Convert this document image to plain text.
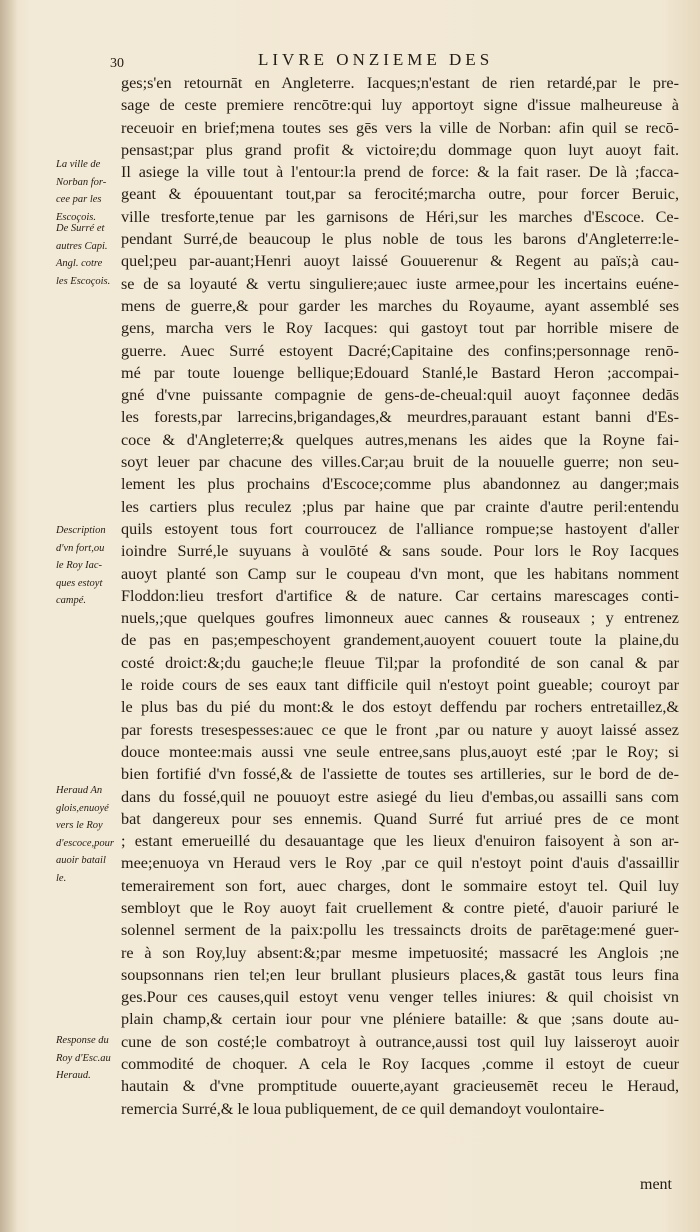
30	LIVRE ONZIEME DES
ges;s'en retournāt en Angleterre. Iacques;n'estant de rien retardé,par le pre-
sage de ceste premiere rencōtre:qui luy apportoyt signe d'issue malheureuse à
receuoir en brief;mena toutes ses gēs vers la ville de Norban: afin quil se recō-
pensast;par plus grand profit & victoire;du dommage quon luyt auoyt fait.
Il asiege la ville tout à l'entour:la prend de force: & la fait raser. De là ;facca-
geant & épouuentant tout,par sa ferocité;marcha outre, pour forcer Beruic,
ville tresforte,tenue par les garnisons de Héri,sur les marches d'Escoce. Ce-
pendant Surré,de beaucoup le plus noble de tous les barons d'Angleterre:le-
quel;peu par-auant;Henri auoyt laissé Gouuerenur & Regent au païs;à cau-
se de sa loyauté & vertu singuliere;auec iuste armee,pour les incertains euéne-
mens de guerre,& pour garder les marches du Royaume, ayant assemblé ses
gens, marcha vers le Roy Iacques: qui gastoyt tout par horrible misere de
guerre. Auec Surré estoyent Dacré;Capitaine des confins;personnage renō-
mé par toute louenge bellique;Edouard Stanlé,le Bastard Heron ;accompai-
gné d'vne puissante compagnie de gens-de-cheual:quil auoyt façonnee dedās
les forests,par larrecins,brigandages,& meurdres,parauant estant banni d'Es-
coce & d'Angleterre;& quelques autres,menans les aides que la Royne fai-
soyt leuer par chacune des villes.Car;au bruit de la nouuelle guerre; non seu-
lement les plus prochains d'Escoce;comme plus abandonnez au danger;mais
les cartiers plus reculez ;plus par haine que par crainte d'autre peril:entendu
quils estoyent tous fort courroucez de l'alliance rompue;se hastoyent d'aller
ioindre Surré,le suyuans à voulōté & sans soude. Pour lors le Roy Iacques
auoyt planté son Camp sur le coupeau d'vn mont, que les habitans nomment
Floddon:lieu tresfort d'artifice & de nature. Car certains marescages conti-
nuels,;que quelques goufres limonneux auec cannes & rouseaux ; y entrenez
de pas en pas;empeschoyent grandement,auoyent couuert toute la plaine,du
costé droict:&;du gauche;le fleuue Til;par la profondité de son canal & par
le roide cours de ses eaux tant difficile quil n'estoyt point gueable; couroyt par
le plus bas du pié du mont:& le dos estoyt deffendu par rochers entretaillez,&
par forests tresespesses:auec ce que le front ,par ou nature y auoyt laissé assez
douce montee:mais aussi vne seule entree,sans plus,auoyt esté ;par le Roy; si
bien fortifié d'vn fossé,& de l'assiette de toutes ses artilleries, sur le bord de de-
dans du fossé,quil ne pouuoyt estre asiegé du lieu d'embas,ou assailli sans com
bat dangereux pour ses ennemis. Quand Surré fut arriué pres de ce mont
; estant emerueillé du desauantage que les lieux d'enuiron faisoyent à son ar-
mee;enuoya vn Heraud vers le Roy ,par ce quil n'estoyt point d'auis d'assaillir
temerairement son fort, auec charges, dont le sommaire estoyt tel. Quil luy
sembloyt que le Roy auoyt fait cruellement & contre pieté, d'auoir pariuré le
solennel serment de la paix:pollu les tressaincts droits de parētage:mené guer-
re à son Roy,luy absent:&;par mesme impetuosité; massacré les Anglois ;ne
soupsonnans rien tel;en leur brullant plusieurs places,& gastāt tous leurs fina
ges.Pour ces causes,quil estoyt venu venger telles iniures: & quil choisist vn
plain champ,& certain iour pour vne pléniere bataille: & que ;sans doute au-
cune de son costé;le combatroyt à outrance,aussi tost quil luy laisseroyt auoir
commodité de choquer. A cela le Roy Iacques ,comme il estoyt de cueur
hautain & d'vne promptitude ouuerte,ayant gracieusemēt receu le Heraud,
remercia Surré,& le loua publiquement, de ce quil demandoyt voulontaire-
La ville de
Norban for-
cee par les
Escoçois.
De Surré et
autres Capi.
Angl. cotre
les Escoçois.
Description
d'vn fort,ou
le Roy Iac-
ques estoyt
campé.
Heraud An
glois,enuoyé
vers le Roy
d'escoce,pour
auoir batail
le.
Response du
Roy d'Esc.au
Heraud.
ment
